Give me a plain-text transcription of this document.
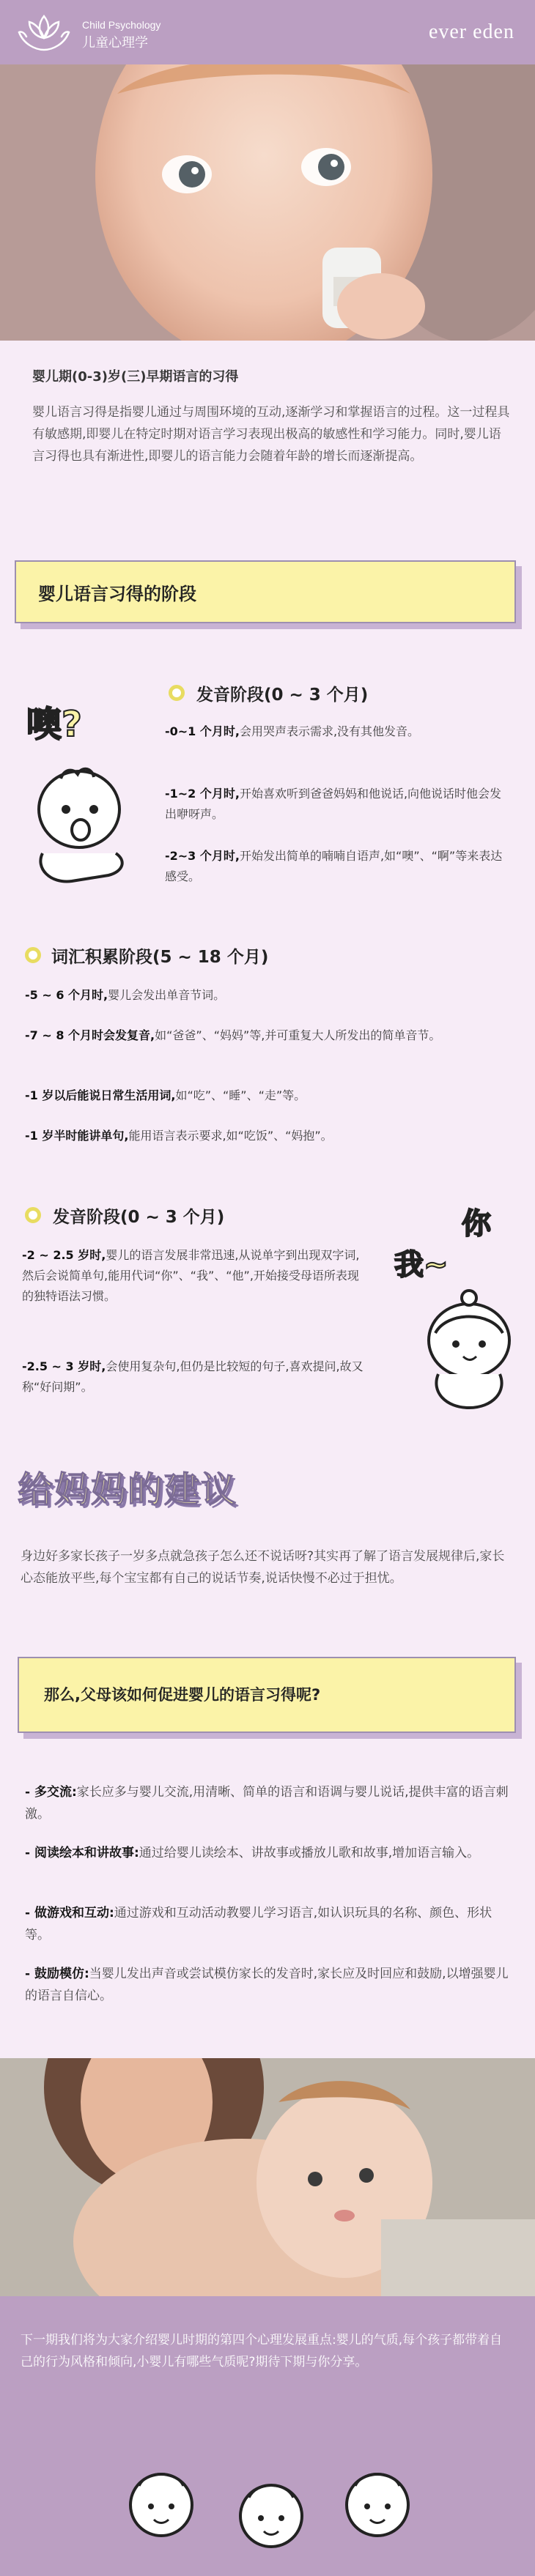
Child Psychology
儿童心理学	ever eden
婴儿期(0-3)岁(三)早期语言的习得
婴儿语言习得是指婴儿通过与周围环境的互动,逐渐学习和掌握语言的过程。这一过程具有敏感期,即婴儿在特定时期对语言学习表现出极高的敏感性和学习能力。同时,婴儿语言习得也具有渐进性,即婴儿的语言能力会随着年龄的增长而逐渐提高。
婴儿语言习得的阶段
噢?
发音阶段(0 ~ 3 个月)
-0~1 个月时,会用哭声表示需求,没有其他发音。
-1~2 个月时,开始喜欢听到爸爸妈妈和他说话,向他说话时他会发出咿呀声。
-2~3 个月时,开始发出简单的喃喃自语声,如“噢”、“啊”等来表达感受。
词汇积累阶段(5 ~ 18 个月)
-5 ~ 6 个月时,婴儿会发出单音节词。
-7 ~ 8 个月时会发复音,如“爸爸”、“妈妈”等,并可重复大人所发出的简单音节。
-1 岁以后能说日常生活用词,如“吃”、“睡”、“走”等。
-1 岁半时能讲单句,能用语言表示要求,如“吃饭”、“妈抱”。
发音阶段(0 ~ 3 个月)
-2 ~ 2.5 岁时,婴儿的语言发展非常迅速,从说单字到出现双字词,然后会说简单句,能用代词“你”、“我”、“他”,开始接受母语所表现的独特语法习惯。
-2.5 ~ 3 岁时,会使用复杂句,但仍是比较短的句子,喜欢提问,故又称“好问期”。
你
我~
给妈妈的建议
身边好多家长孩子一岁多点就急孩子怎么还不说话呀?其实再了解了语言发展规律后,家长心态能放平些,每个宝宝都有自己的说话节奏,说话快慢不必过于担忧。
那么,父母该如何促进婴儿的语言习得呢?
- 多交流:家长应多与婴儿交流,用清晰、简单的语言和语调与婴儿说话,提供丰富的语言刺激。
- 阅读绘本和讲故事:通过给婴儿读绘本、讲故事或播放儿歌和故事,增加语言输入。
- 做游戏和互动:通过游戏和互动活动教婴儿学习语言,如认识玩具的名称、颜色、形状等。
- 鼓励模仿:当婴儿发出声音或尝试模仿家长的发音时,家长应及时回应和鼓励,以增强婴儿的语言自信心。
下一期我们将为大家介绍婴儿时期的第四个心理发展重点:婴儿的气质,每个孩子都带着自己的行为风格和倾向,小婴儿有哪些气质呢?期待下期与你分享。
